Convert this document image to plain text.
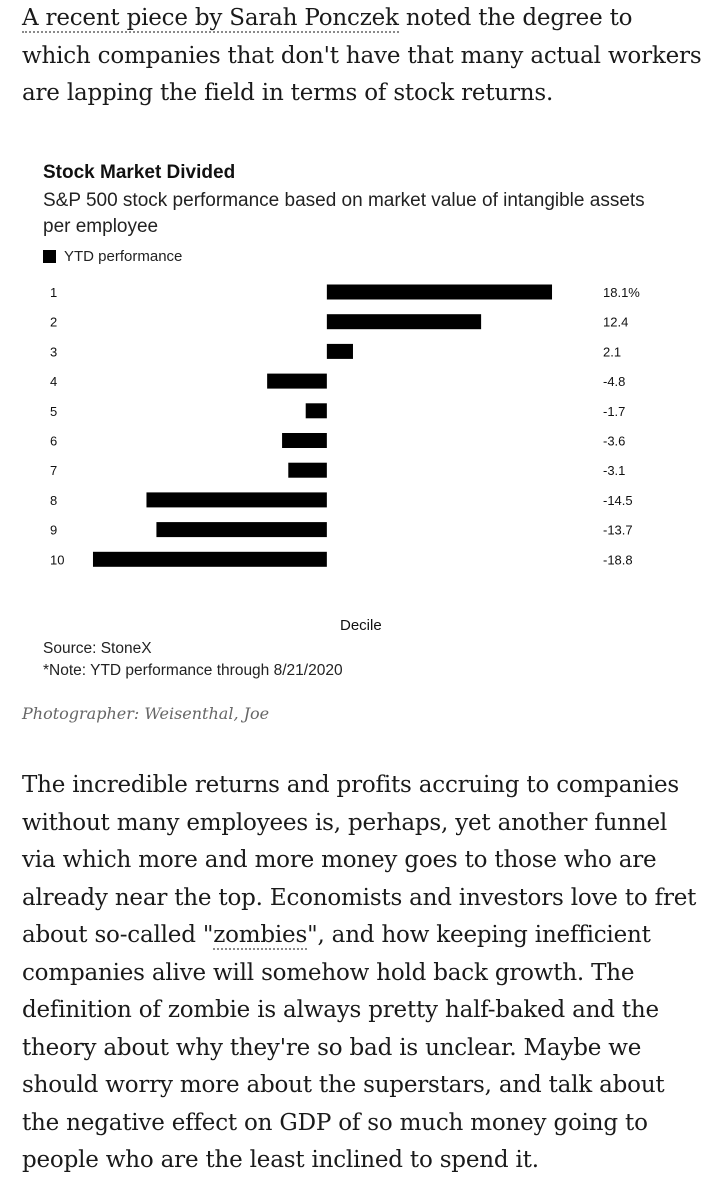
A recent piece by Sarah Ponczek noted the degree to which companies that don't have that many actual workers are lapping the field in terms of stock returns.
Stock Market Divided
S&P 500 stock performance based on market value of intangible assets per employee
YTD performance
1	18.1%
2	12.4
3	2.1
4	-4.8
5	-1.7
6	-3.6
7	-3.1
8	-14.5
9	-13.7
10	-18.8
Decile
Source: StoneX
*Note: YTD performance through 8/21/2020
Photographer: Weisenthal, Joe
The incredible returns and profits accruing to companies without many employees is, perhaps, yet another funnel via which more and more money goes to those who are already near the top. Economists and investors love to fret about so-called "zombies", and how keeping inefficient companies alive will somehow hold back growth. The definition of zombie is always pretty half-baked and the theory about why they're so bad is unclear. Maybe we should worry more about the superstars, and talk about the negative effect on GDP of so much money going to people who are the least inclined to spend it.
